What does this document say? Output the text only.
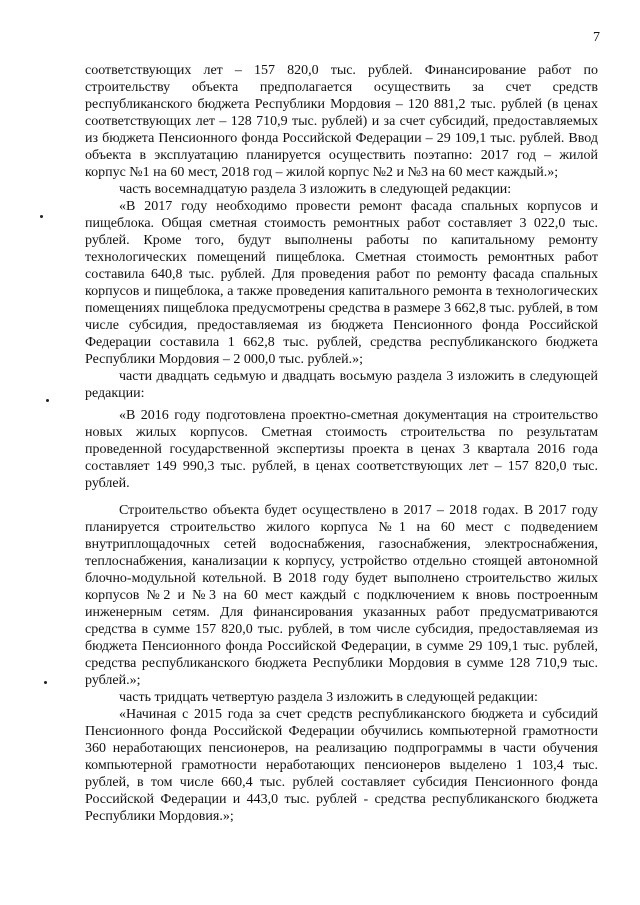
7

соответствующих лет – 157 820,0 тыс. рублей. Финансирование работ по строительству объекта предполагается осуществить за счет средств республиканского бюджета Республики Мордовия – 120 881,2 тыс. рублей (в ценах соответствующих лет – 128 710,9 тыс. рублей) и за счет субсидий, предоставляемых из бюджета Пенсионного фонда Российской Федерации – 29 109,1 тыс. рублей. Ввод объекта в эксплуатацию планируется осуществить поэтапно: 2017 год – жилой корпус №1 на 60 мест, 2018 год – жилой корпус №2 и №3 на 60 мест каждый.»;

часть восемнадцатую раздела 3 изложить в следующей редакции:

«В 2017 году необходимо провести ремонт фасада спальных корпусов и пищеблока. Общая сметная стоимость ремонтных работ составляет 3 022,0 тыс. рублей. Кроме того, будут выполнены работы по капитальному ремонту технологических помещений пищеблока. Сметная стоимость ремонтных работ составила 640,8 тыс. рублей. Для проведения работ по ремонту фасада спальных корпусов и пищеблока, а также проведения капитального ремонта в технологических помещениях пищеблока предусмотрены средства в размере 3 662,8 тыс. рублей, в том числе субсидия, предоставляемая из бюджета Пенсионного фонда Российской Федерации составила 1 662,8 тыс. рублей, средства республиканского бюджета Республики Мордовия – 2 000,0 тыс. рублей.»;

части двадцать седьмую и двадцать восьмую раздела 3 изложить в следующей редакции:

«В 2016 году подготовлена проектно-сметная документация на строительство новых жилых корпусов. Сметная стоимость строительства по результатам проведенной государственной экспертизы проекта в ценах 3 квартала 2016 года составляет 149 990,3 тыс. рублей, в ценах соответствующих лет – 157 820,0 тыс. рублей.

Строительство объекта будет осуществлено в 2017 – 2018 годах. В 2017 году планируется строительство жилого корпуса №1 на 60 мест с подведением внутриплощадочных сетей водоснабжения, газоснабжения, электроснабжения, теплоснабжения, канализации к корпусу, устройство отдельно стоящей автономной блочно-модульной котельной. В 2018 году будет выполнено строительство жилых корпусов №2 и №3 на 60 мест каждый с подключением к вновь построенным инженерным сетям. Для финансирования указанных работ предусматриваются средства в сумме 157 820,0 тыс. рублей, в том числе субсидия, предоставляемая из бюджета Пенсионного фонда Российской Федерации, в сумме 29 109,1 тыс. рублей, средства республиканского бюджета Республики Мордовия в сумме 128 710,9 тыс. рублей.»;

часть тридцать четвертую раздела 3 изложить в следующей редакции:

«Начиная с 2015 года за счет средств республиканского бюджета и субсидий Пенсионного фонда Российской Федерации обучились компьютерной грамотности 360 неработающих пенсионеров, на реализацию подпрограммы в части обучения компьютерной грамотности неработающих пенсионеров выделено 1 103,4 тыс. рублей, в том числе 660,4 тыс. рублей составляет субсидия Пенсионного фонда Российской Федерации и 443,0 тыс. рублей - средства республиканского бюджета Республики Мордовия.»;
